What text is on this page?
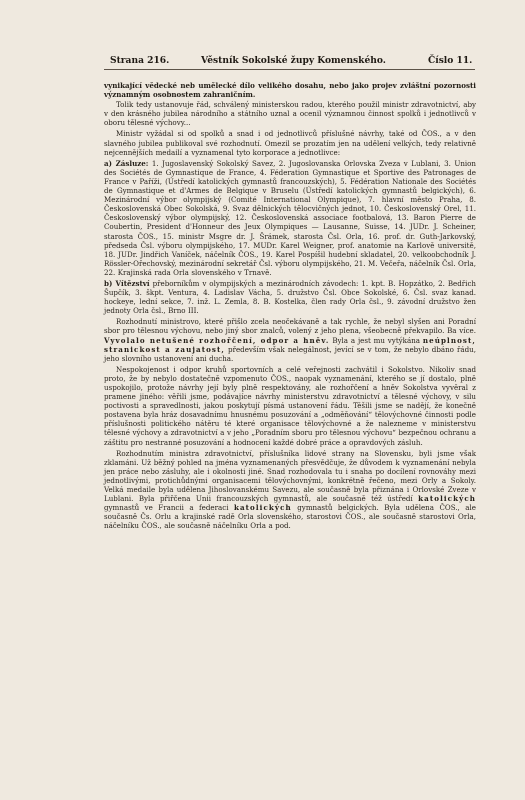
Strana 216.	Věstník Sokolské župy Komenského.	Číslo 11.

vynikající vědecké neb umělecké dílo velikého dosahu, nebo jako projev zvláštní pozornosti významným osobnostem zahraničním.

Tolik tedy ustanovuje řád, schválený ministerskou radou, kterého použil ministr zdravotnictví, aby v den krásného jubilea národního a státního uznal a ocenil významnou činnost spolků i jednotlivců v oboru tělesné výchovy...

Ministr vyžádal si od spolků a snad i od jednotlivců příslušné návrhy, také od ČOS., a v den slavného jubilea publikoval své rozhodnutí. Omezil se prozatím jen na udělení velkých, tedy relativně nejcennějších medailí a vyznamenal tyto korporace a jednotlivce:

a) Zásluze: 1. Jugoslavenský Sokolský Savez, 2. Jugoslovanska Orlovska Zveza v Lublani, 3. Union des Sociétés de Gymnastique de France, 4. Féderation Gymnastique et Sportive des Patronages de France v Paříži, (Ústředí katolických gymnastů francouzských), 5. Fédération Nationale des Sociétés de Gymnastique et d'Armes de Belgique v Bruselu (Ústředí katolických gymnastů belgických), 6. Mezinárodní výbor olympijský (Comité International Olympique), 7. hlavní město Praha, 8. Československá Obec Sokolská, 9. Svaz dělnických tělocvičných jednot, 10. Československý Orel, 11. Československý výbor olympijský, 12. Československá associace footbalová, 13. Baron Pierre de Coubertin, President d'Honneur des Jeux Olympiques — Lausanne, Suisse, 14. JUDr. J. Scheiner, starosta ČOS., 15. ministr Msgre dr. J. Šrámek, starosta Čsl. Orla, 16. prof. dr. Guth-Jarkovský, předseda Čsl. výboru olympijského, 17. MUDr. Karel Weigner, prof. anatomie na Karlově universitě, 18. JUDr. Jindřich Vaníček, náčelník ČOS., 19. Karel Pospíšil hudební skladatel, 20. velkoobchodník J. Rössler-Ořechovský, mezinárodní sekretář Čsl. výboru olympijského, 21. M. Večeřa, náčelník Čsl. Orla, 22. Krajinská rada Orla slovenského v Trnavě.

b) Vítězství přeborníkům v olympijských a mezinárodních závodech: 1. kpt. B. Hopzátko, 2. Bedřich Šupčík, 3. škpt. Ventura, 4. Ladislav Vácha, 5. družstvo Čsl. Obce Sokolské, 6. Čsl. svaz kanad. hockeye, lední sekce, 7. inž. L. Zemla, 8. B. Kostelka, člen rady Orla čsl., 9. závodní družstvo žen jednoty Orla čsl., Brno III.

Rozhodnutí ministrovo, které přišlo zcela neočekávaně a tak rychle, že nebyl slyšen ani Poradní sbor pro tělesnou výchovu, nebo jiný sbor znalců, volený z jeho plena, všeobecně překvapilo. Ba více. Vyvolalo netušené rozhořčení, odpor a hněv. Byla a jest mu vytýkána neúplnost, stranickost a zaujatost, především však nelegálnost, jevící se v tom, že nebylo dbáno řádu, jeho slovního ustanovení ani ducha.

Nespokojenost i odpor kruhů sportovních a celé veřejnosti zachvátil i Sokolstvo. Nikoliv snad proto, že by nebylo dostatečně vzpomenuto ČOS., naopak vyznamenání, kterého se jí dostalo, plně uspokojilo, protože návrhy její byly plně respektovány, ale rozhořčení a hněv Sokolstva vyvěral z pramene jiného: věřili jsme, podávajíce návrhy ministerstvu zdravotnictví a tělesné výchovy, v silu poctivosti a spravedlnosti, jakou poskytují písmá ustanovení řádu. Těšili jsme se nadějí, že konečně postavena byla hráz dosavadnímu hnusnému posuzování a „odměňování“ tělovýchovné činnosti podle příslušnosti politického nátěru té které organisace tělovýchovné a že nalezneme v ministerstvu tělesné výchovy a zdravotnictví a v jeho „Poradním sboru pro tělesnou výchovu“ bezpečnou ochranu a záštitu pro nestranné posuzování a hodnocení každé dobré práce a opravdových zásluh.

Rozhodnutím ministra zdravotnictví, příslušníka lidové strany na Slovensku, byli jsme však zklamáni. Už běžný pohled na jména vyznamenaných přesvědčuje, že důvodem k vyznamenání nebyla jen práce nebo zásluhy, ale i okolnosti jiné. Snad rozhodovala tu i snaha po docílení rovnováhy mezi jednotlivými, protichůdnými organisacemi tělovýchovnými, konkrétně řečeno, mezi Orly a Sokoly. Velká medaile byla udělena Jihoslovanskému Savezu, ale současně byla přiznána i Orlovské Zveze v Lublani. Byla přiřčena Unii francouzských gymnastů, ale současně též ústředí katolických gymnastů ve Francii a federaci katolických gymnastů belgických. Byla udělena ČOS., ale současně Čs. Orlu a krajinské radě Orla slovenského, starostovi ČOS., ale současně starostovi Orla, náčelníku ČOS., ale současně náčelníku Orla a pod.
